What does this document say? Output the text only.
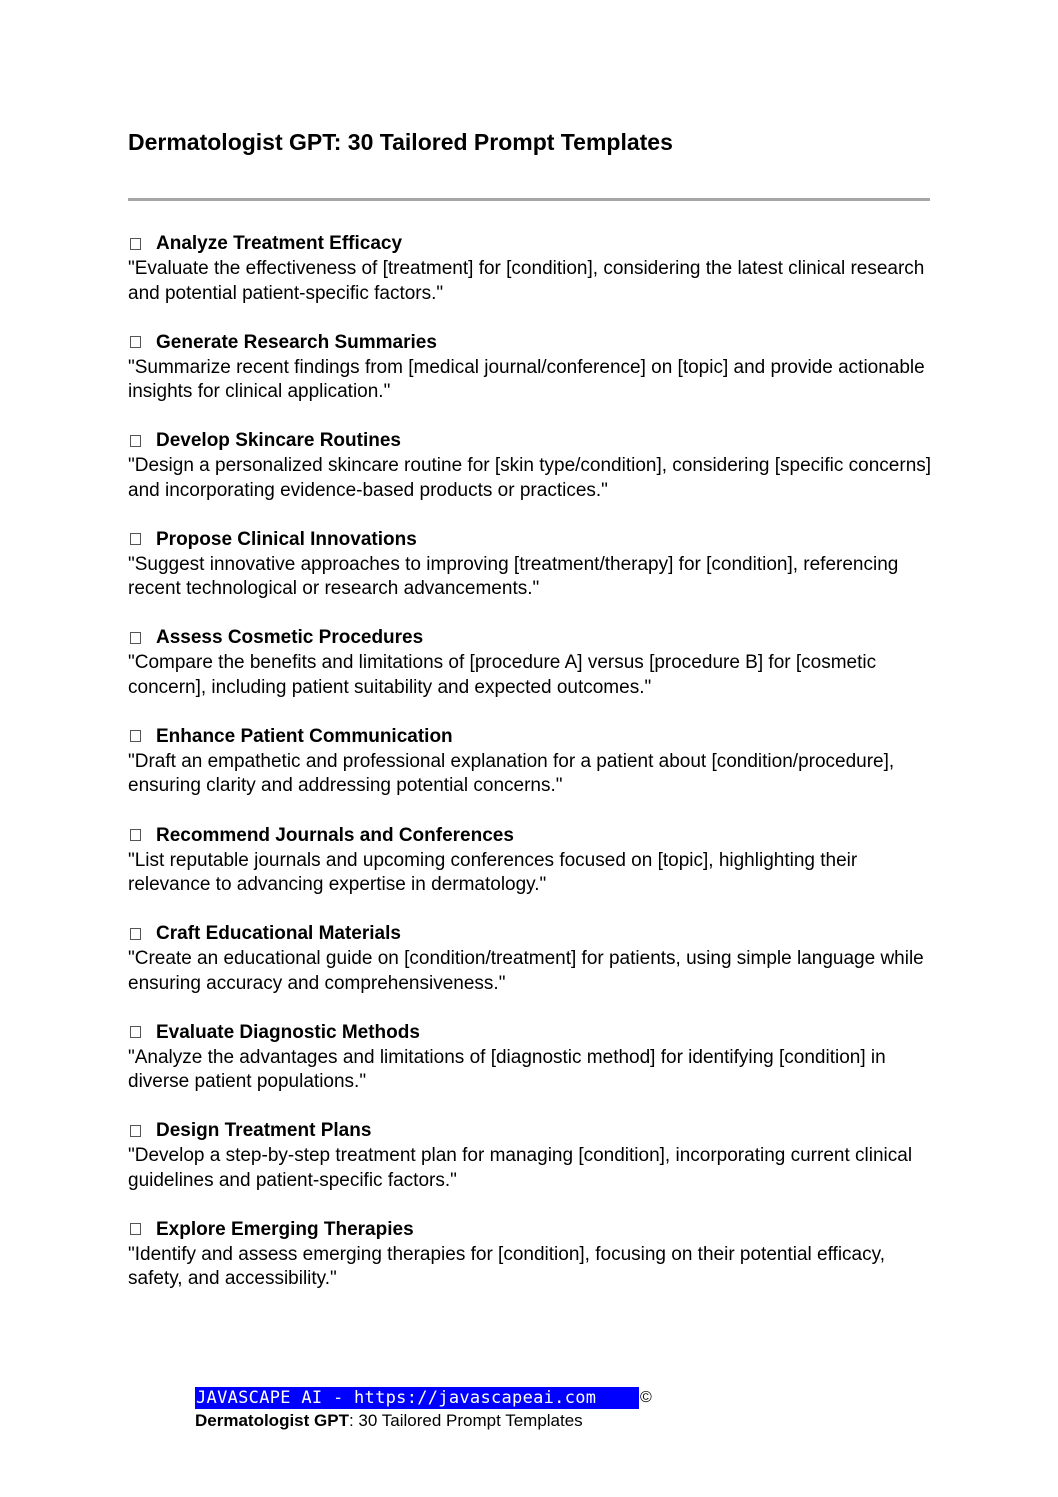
Dermatologist GPT: 30 Tailored Prompt Templates
Analyze Treatment Efficacy

"Evaluate the effectiveness of [treatment] for [condition], considering the latest clinical research and potential patient-specific factors."

Generate Research Summaries

"Summarize recent findings from [medical journal/conference] on [topic] and provide actionable insights for clinical application."

Develop Skincare Routines

"Design a personalized skincare routine for [skin type/condition], considering [specific concerns] and incorporating evidence-based products or practices."

Propose Clinical Innovations

"Suggest innovative approaches to improving [treatment/therapy] for [condition], referencing recent technological or research advancements."

Assess Cosmetic Procedures

"Compare the benefits and limitations of [procedure A] versus [procedure B] for [cosmetic concern], including patient suitability and expected outcomes."

Enhance Patient Communication

"Draft an empathetic and professional explanation for a patient about [condition/procedure], ensuring clarity and addressing potential concerns."

Recommend Journals and Conferences

"List reputable journals and upcoming conferences focused on [topic], highlighting their relevance to advancing expertise in dermatology."

Craft Educational Materials

"Create an educational guide on [condition/treatment] for patients, using simple language while ensuring accuracy and comprehensiveness."

Evaluate Diagnostic Methods

"Analyze the advantages and limitations of [diagnostic method] for identifying [condition] in diverse patient populations."

Design Treatment Plans

"Develop a step-by-step treatment plan for managing [condition], incorporating current clinical guidelines and patient-specific factors."

Explore Emerging Therapies

"Identify and assess emerging therapies for [condition], focusing on their potential efficacy, safety, and accessibility."

JAVASCAPE AI - https://javascapeai.com	©
Dermatologist GPT: 30 Tailored Prompt Templates
